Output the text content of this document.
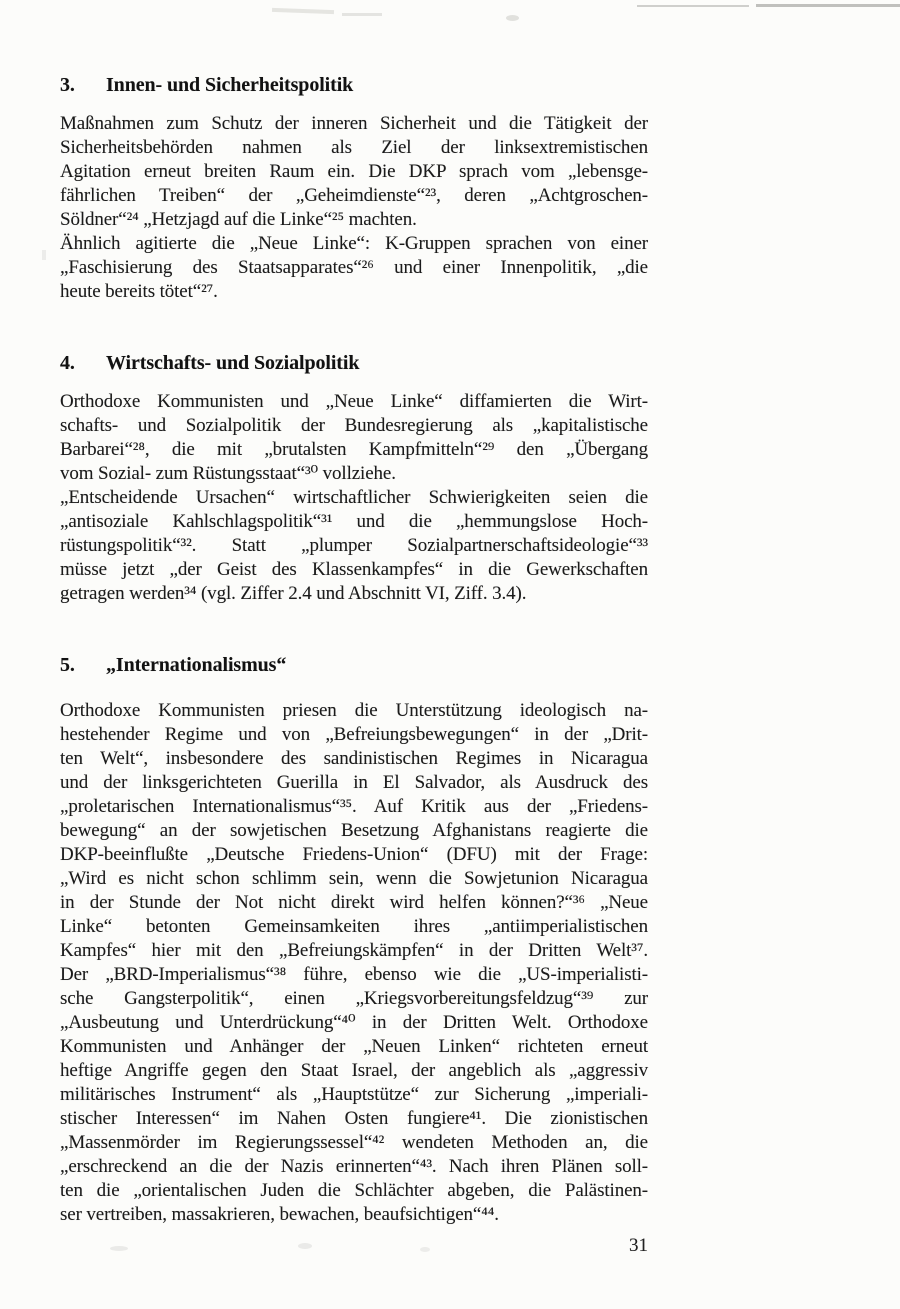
3.	Innen- und Sicherheitspolitik
Maßnahmen zum Schutz der inneren Sicherheit und die Tätigkeit der
Sicherheitsbehörden nahmen als Ziel der linksextremistischen
Agitation erneut breiten Raum ein. Die DKP sprach vom „lebensge-
fährlichen Treiben“ der „Geheimdienste“²³, deren „Achtgroschen-
Söldner“²⁴ „Hetzjagd auf die Linke“²⁵ machten.
Ähnlich agitierte die „Neue Linke“: K-Gruppen sprachen von einer
„Faschisierung des Staatsapparates“²⁶ und einer Innenpolitik, „die
heute bereits tötet“²⁷.
4.	Wirtschafts- und Sozialpolitik
Orthodoxe Kommunisten und „Neue Linke“ diffamierten die Wirt-
schafts- und Sozialpolitik der Bundesregierung als „kapitalistische
Barbarei“²⁸, die mit „brutalsten Kampfmitteln“²⁹ den „Übergang
vom Sozial- zum Rüstungsstaat“³⁰ vollziehe.
„Entscheidende Ursachen“ wirtschaftlicher Schwierigkeiten seien die
„antisoziale Kahlschlagspolitik“³¹ und die „hemmungslose Hoch-
rüstungspolitik“³². Statt „plumper Sozialpartnerschaftsideologie“³³
müsse jetzt „der Geist des Klassenkampfes“ in die Gewerkschaften
getragen werden³⁴ (vgl. Ziffer 2.4 und Abschnitt VI, Ziff. 3.4).
5.	„Internationalismus“
Orthodoxe Kommunisten priesen die Unterstützung ideologisch na-
hestehender Regime und von „Befreiungsbewegungen“ in der „Drit-
ten Welt“, insbesondere des sandinistischen Regimes in Nicaragua
und der linksgerichteten Guerilla in El Salvador, als Ausdruck des
„proletarischen Internationalismus“³⁵. Auf Kritik aus der „Friedens-
bewegung“ an der sowjetischen Besetzung Afghanistans reagierte die
DKP-beeinflußte „Deutsche Friedens-Union“ (DFU) mit der Frage:
„Wird es nicht schon schlimm sein, wenn die Sowjetunion Nicaragua
in der Stunde der Not nicht direkt wird helfen können?“³⁶ „Neue
Linke“ betonten Gemeinsamkeiten ihres „antiimperialistischen
Kampfes“ hier mit den „Befreiungskämpfen“ in der Dritten Welt³⁷.
Der „BRD-Imperialismus“³⁸ führe, ebenso wie die „US-imperialisti-
sche Gangsterpolitik“, einen „Kriegsvorbereitungsfeldzug“³⁹ zur
„Ausbeutung und Unterdrückung“⁴⁰ in der Dritten Welt. Orthodoxe
Kommunisten und Anhänger der „Neuen Linken“ richteten erneut
heftige Angriffe gegen den Staat Israel, der angeblich als „aggressiv
militärisches Instrument“ als „Hauptstütze“ zur Sicherung „imperiali-
stischer Interessen“ im Nahen Osten fungiere⁴¹. Die zionistischen
„Massenmörder im Regierungssessel“⁴² wendeten Methoden an, die
„erschreckend an die der Nazis erinnerten“⁴³. Nach ihren Plänen soll-
ten die „orientalischen Juden die Schlächter abgeben, die Palästinen-
ser vertreiben, massakrieren, bewachen, beaufsichtigen“⁴⁴.
31
